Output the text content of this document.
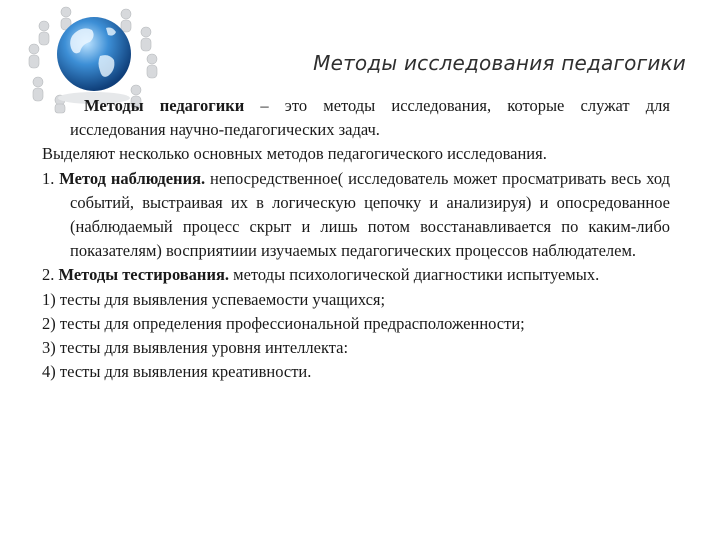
Методы исследования педагогики

Методы педагогики – это методы исследования, которые служат для исследования научно-педагогических задач.

Выделяют несколько основных методов педагогического исследования.

1. Метод наблюдения. непосредственное( исследователь может просматривать весь ход событий, выстраивая их в логическую цепочку и анализируя) и опосредованное (наблюдаемый процесс скрыт и лишь потом восстанавливается по каким-либо показателям) восприятиии изучаемых педагогических процессов наблюдателем.

2. Методы тестирования. методы психологической диагностики испытуемых.

1) тесты для выявления успеваемости учащихся;

2) тесты для определения профессиональной предрасположенности;

3) тесты для выявления уровня интеллекта:

4) тесты для выявления креативности.
